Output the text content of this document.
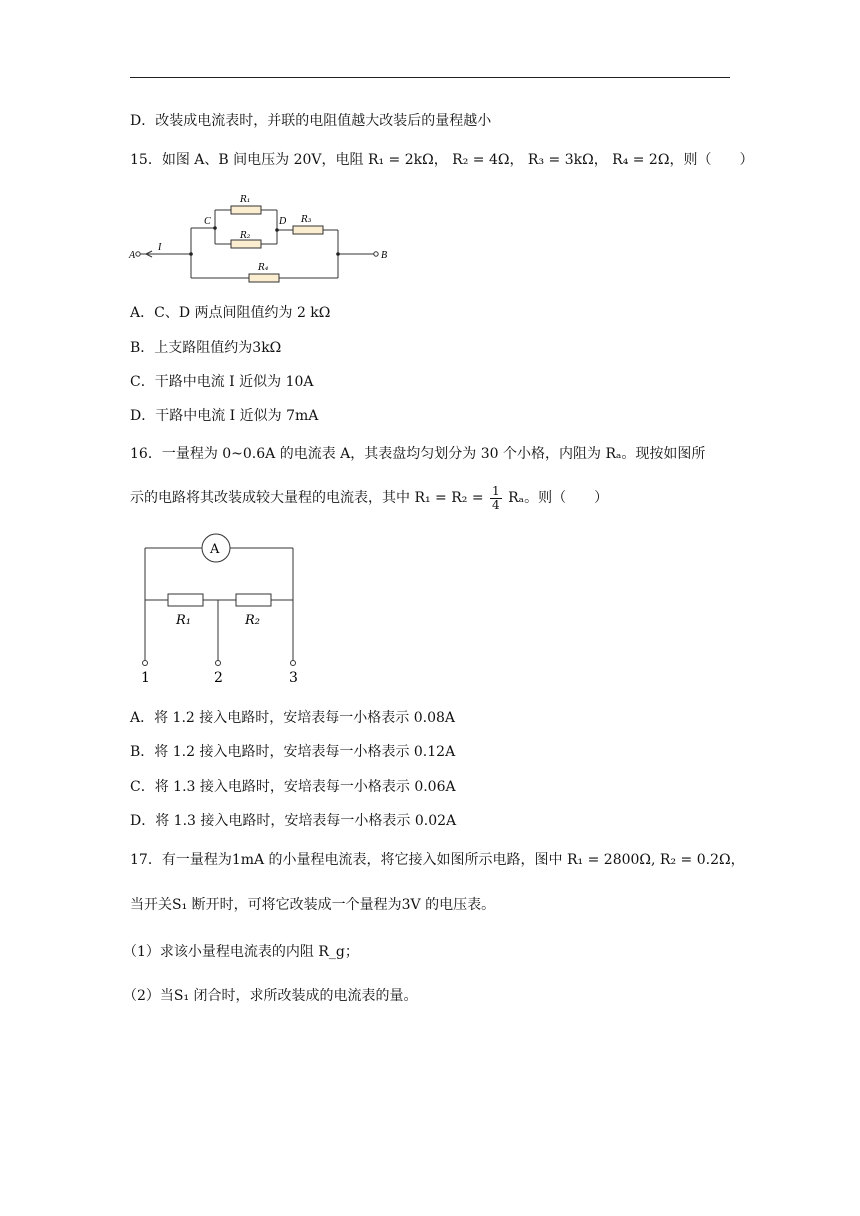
D．改装成电流表时，并联的电阻值越大改装后的量程越小
15．如图 A、B 间电压为 20V，电阻 R₁ = 2kΩ， R₂ = 4Ω， R₃ = 3kΩ， R₄ = 2Ω，则（　　）
A	B
C	D
I
R₁
R₂
R₃
R₄
A．C、D 两点间阻值约为 2 kΩ
B．上支路阻值约为3kΩ
C．干路中电流 I 近似为 10A
D．干路中电流 I 近似为 7mA
16．一量程为 0~0.6A 的电流表 A，其表盘均匀划分为 30 个小格，内阻为 Rₐ。现按如图所
示的电路将其改装成较大量程的电流表，其中 $R_1 = R_2 = \frac{1}{4}$ Rₐ。则（　　）
A
R₁	R₂
1	2	3
A．将 1.2 接入电路时，安培表每一小格表示 0.08A
B．将 1.2 接入电路时，安培表每一小格表示 0.12A
C．将 1.3 接入电路时，安培表每一小格表示 0.06A
D．将 1.3 接入电路时，安培表每一小格表示 0.02A
17．有一量程为1mA 的小量程电流表，将它接入如图所示电路，图中 R₁ = 2800Ω, R₂ = 0.2Ω，
当开关S₁ 断开时，可将它改装成一个量程为3V 的电压表。
（1）求该小量程电流表的内阻 R_g；
（2）当S₁ 闭合时，求所改装成的电流表的量。
